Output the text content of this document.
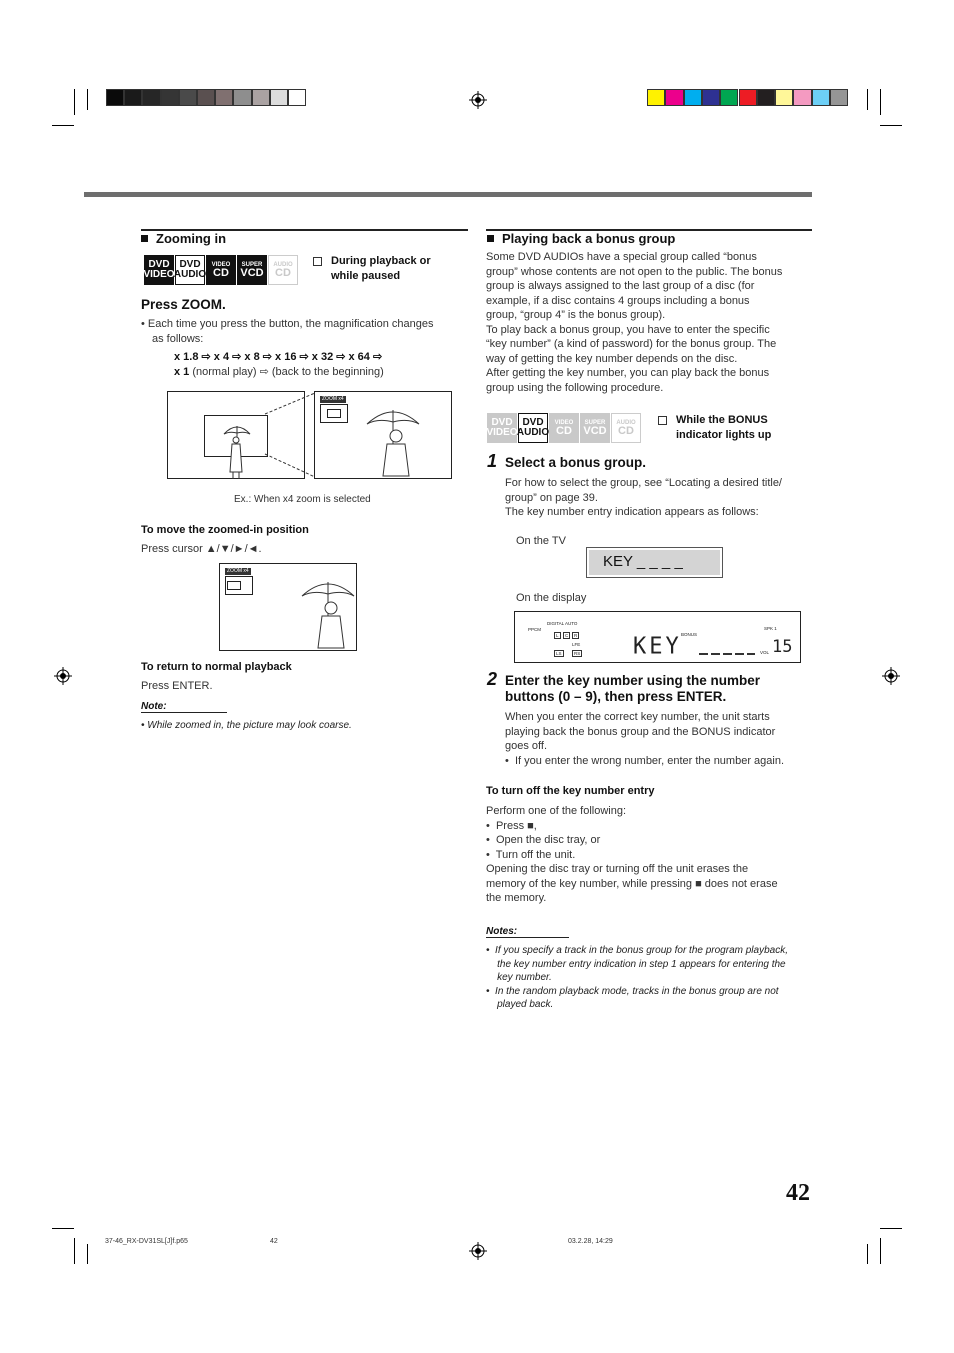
Zooming in
DVD
VIDEO
DVD
AUDIO
VIDEO
CD
SUPER
VCD
AUDIO
CD
During playback or
while paused
Press ZOOM.
• Each time you press the button, the magnification changes
as follows:
x 1.8 ⇨ x 4 ⇨ x 8 ⇨ x 16 ⇨ x 32 ⇨ x 64 ⇨
x 1 (normal play) ⇨ (back to the beginning)
ZOOM x4
Ex.: When x4 zoom is selected
To move the zoomed-in position
Press cursor ▲/▼/►/◄.
ZOOM x4
To return to normal playback
Press ENTER.
Note:
• While zoomed in, the picture may look coarse.
Playing back a bonus group
Some DVD AUDIOs have a special group called “bonus
group” whose contents are not open to the public. The bonus
group is always assigned to the last group of a disc (for
example, if a disc contains 4 groups including a bonus
group, “group 4” is the bonus group).
To play back a bonus group, you have to enter the specific
“key number” (a kind of password) for the bonus group. The
way of getting the key number depends on the disc.
After getting the key number, you can play back the bonus
group using the following procedure.
DVD
VIDEO
DVD
AUDIO
VIDEO
CD
SUPER
VCD
AUDIO
CD
While the BONUS
indicator lights up
1 Select a bonus group.
For how to select the group, see “Locating a desired title/
group” on page 39.
The key number entry indication appears as follows:
On the TV
KEY _ _ _ _
On the display
DIGITAL AUTO
PPCM
BONUS
SPK 1
L	C	R
LFE
LS	RS KEY	VOL 15
2 Enter the key number using the number
buttons (0 – 9), then press ENTER.
When you enter the correct key number, the unit starts
playing back the bonus group and the BONUS indicator
goes off.
•  If you enter the wrong number, enter the number again.
To turn off the key number entry
Perform one of the following:
•  Press ■,
•  Open the disc tray, or
•  Turn off the unit.
Opening the disc tray or turning off the unit erases the
memory of the key number, while pressing ■ does not erase
the memory.
Notes:
•  If you specify a track in the bonus group for the program playback,
the key number entry indication in step 1 appears for entering the
key number.
•  In the random playback mode, tracks in the bonus group are not
played back.
42
37-46_RX-DV31SL[J]f.p65	42	03.2.28, 14:29
